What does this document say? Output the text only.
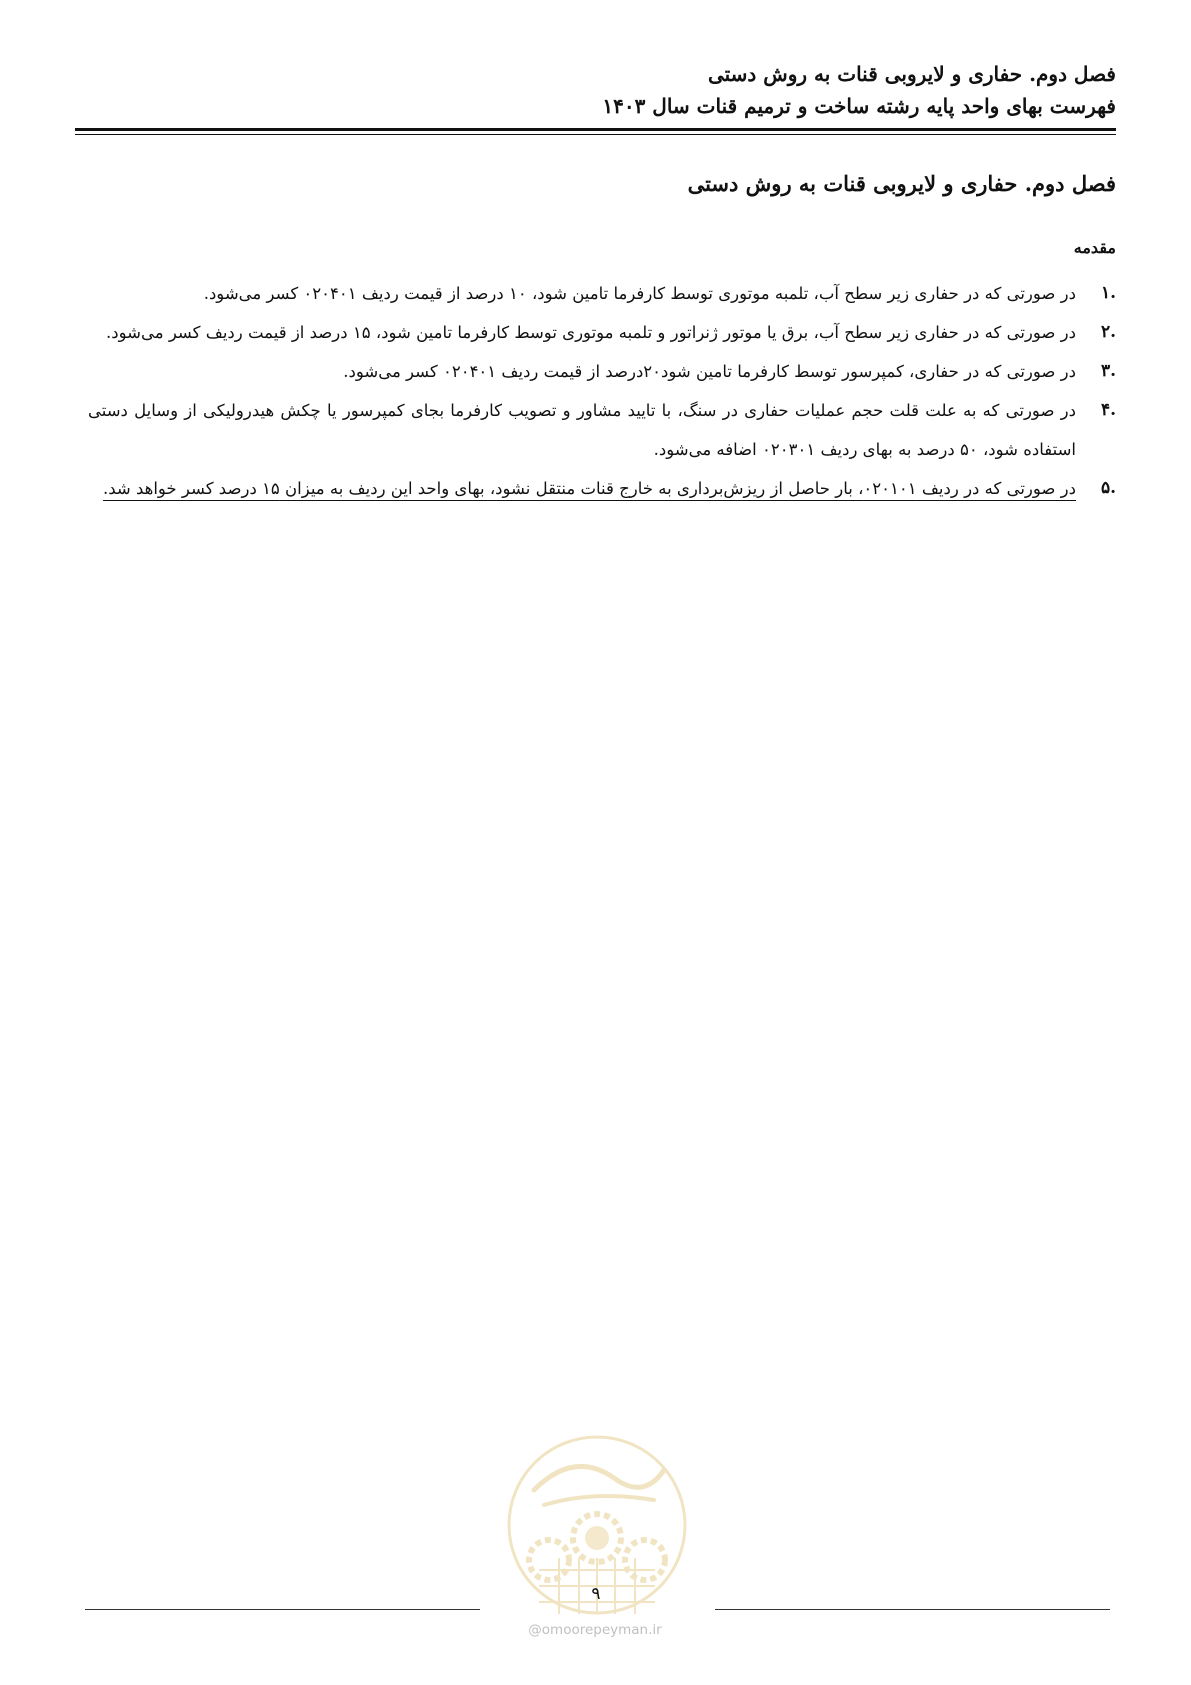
فصل دوم. حفاری و لایروبی قنات به روش دستی
فهرست بهای واحد پایه رشته ساخت و ترمیم قنات سال ۱۴۰۳
فصل دوم. حفاری و لایروبی قنات به روش دستی
مقدمه
.۱
در صورتی که در حفاری زیر سطح آب، تلمبه موتوری توسط کارفرما تامین شود، ۱۰ درصد از قیمت ردیف ۰۲۰۴۰۱ کسر می‌شود.
.۲
در صورتی که در حفاری زیر سطح آب، برق یا موتور ژنراتور و تلمبه موتوری توسط کارفرما تامین شود، ۱۵ درصد از قیمت ردیف کسر می‌شود.
.۳
در صورتی که در حفاری، کمپرسور توسط کارفرما تامین شود۲۰درصد از قیمت ردیف ۰۲۰۴۰۱ کسر می‌شود.
.۴
در صورتی که به علت قلت حجم عملیات حفاری در سنگ، با تایید مشاور و تصویب کارفرما بجای کمپرسور یا چکش هیدرولیکی از وسایل دستی استفاده شود، ۵۰ درصد به بهای ردیف ۰۲۰۳۰۱ اضافه می‌شود.
.۵
در صورتی که در ردیف ۰۲۰۱۰۱، بار حاصل از ریزش‌برداری به خارج قنات منتقل نشود، بهای واحد این ردیف به میزان ۱۵ درصد کسر خواهد شد.
۹
@omoorepeyman.ir
